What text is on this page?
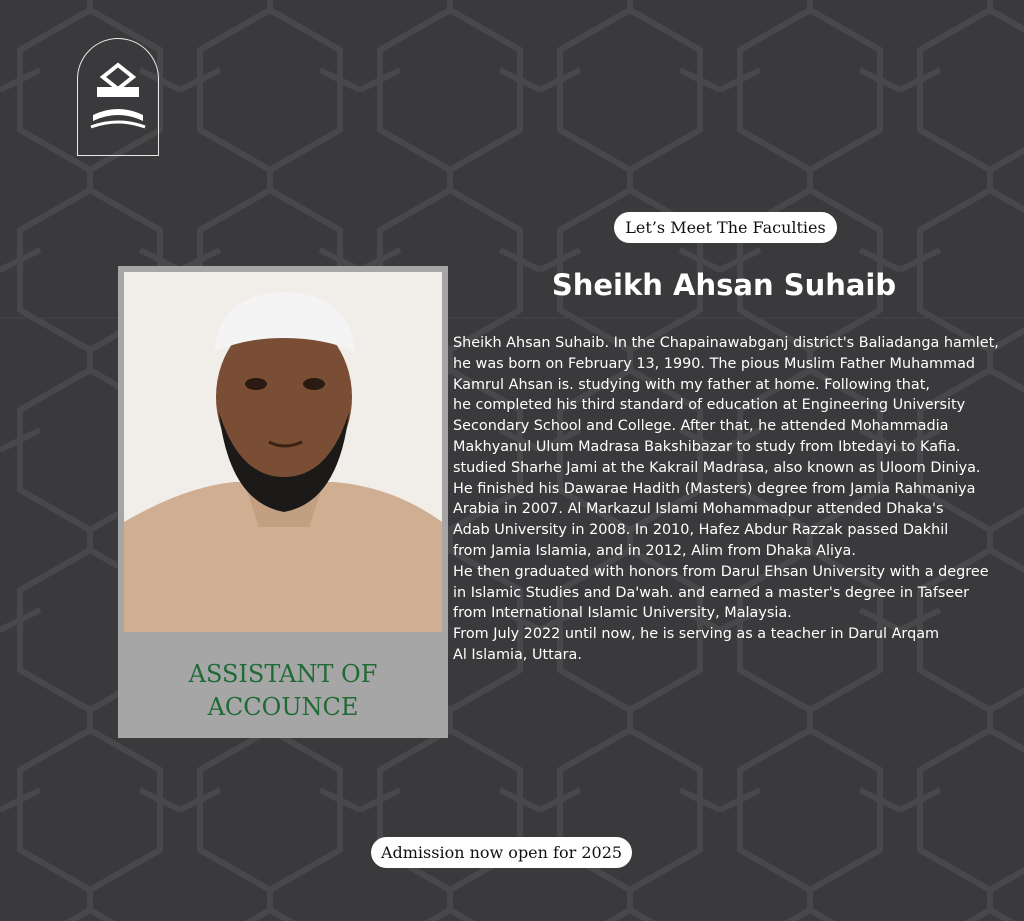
Let’s Meet The Faculties
Sheikh Ahsan Suhaib
ASSISTANT OF
ACCOUNCE

Sheikh Ahsan Suhaib. In the Chapainawabganj district's Baliadanga hamlet,
he was born on February 13, 1990. The pious Muslim Father Muhammad
Kamrul Ahsan is. studying with my father at home. Following that,
he completed his third standard of education at Engineering University
Secondary School and College. After that, he attended Mohammadia
Makhyanul Ulum Madrasa Bakshibazar to study from Ibtedayi to Kafia.
studied Sharhe Jami at the Kakrail Madrasa, also known as Uloom Diniya.
He finished his Dawarae Hadith (Masters) degree from Jamia Rahmaniya
Arabia in 2007. Al Markazul Islami Mohammadpur attended Dhaka's
Adab University in 2008. In 2010, Hafez Abdur Razzak passed Dakhil
from Jamia Islamia, and in 2012, Alim from Dhaka Aliya.
He then graduated with honors from Darul Ehsan University with a degree
in Islamic Studies and Da'wah. and earned a master's degree in Tafseer
from International Islamic University, Malaysia.
From July 2022 until now, he is serving as a teacher in Darul Arqam
Al Islamia, Uttara.

Admission now open for 2025
